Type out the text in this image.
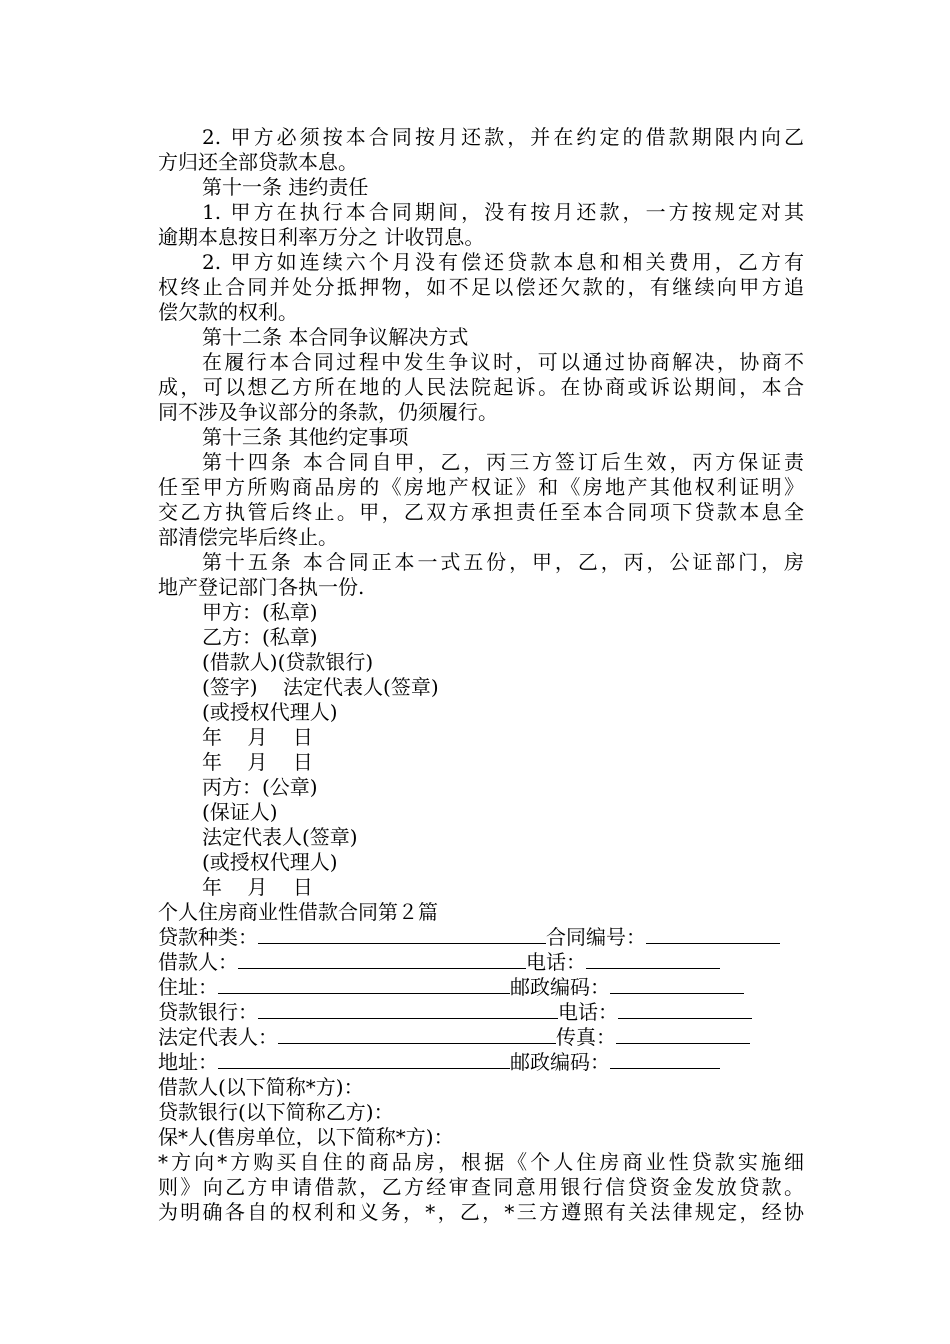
2. 甲方必须按本合同按月还款，并在约定的借款期限内向乙
方归还全部贷款本息。
第十一条 违约责任
1. 甲方在执行本合同期间，没有按月还款，一方按规定对其
逾期本息按日利率万分之 计收罚息。
2. 甲方如连续六个月没有偿还贷款本息和相关费用，乙方有
权终止合同并处分抵押物，如不足以偿还欠款的，有继续向甲方追
偿欠款的权利。
第十二条 本合同争议解决方式
在履行本合同过程中发生争议时，可以通过协商解决，协商不
成，可以想乙方所在地的人民法院起诉。在协商或诉讼期间，本合
同不涉及争议部分的条款，仍须履行。
第十三条 其他约定事项
第十四条 本合同自甲，乙，丙三方签订后生效，丙方保证责
任至甲方所购商品房的《房地产权证》和《房地产其他权利证明》
交乙方执管后终止。甲，乙双方承担责任至本合同项下贷款本息全
部清偿完毕后终止。
第十五条 本合同正本一式五份，甲，乙，丙，公证部门，房
地产登记部门各执一份.
甲方：(私章)
乙方：(私章)
(借款人)(贷款银行)
(签字)    法定代表人(签章)
(或授权代理人)
年    月    日
年    月    日
丙方：(公章)
(保证人)
法定代表人(签章)
(或授权代理人)
年    月    日
个人住房商业性借款合同第２篇
贷款种类：	合同编号：
借款人：	电话：
住址：	邮政编码：
贷款银行：	电话：
法定代表人：	传真：
地址：	邮政编码：
借款人(以下简称*方)：
贷款银行(以下简称乙方)：
保*人(售房单位，以下简称*方)：
*方向*方购买自住的商品房，根据《个人住房商业性贷款实施细
则》向乙方申请借款，乙方经审查同意用银行信贷资金发放贷款。
为明确各自的权利和义务，*，乙，*三方遵照有关法律规定，经协
